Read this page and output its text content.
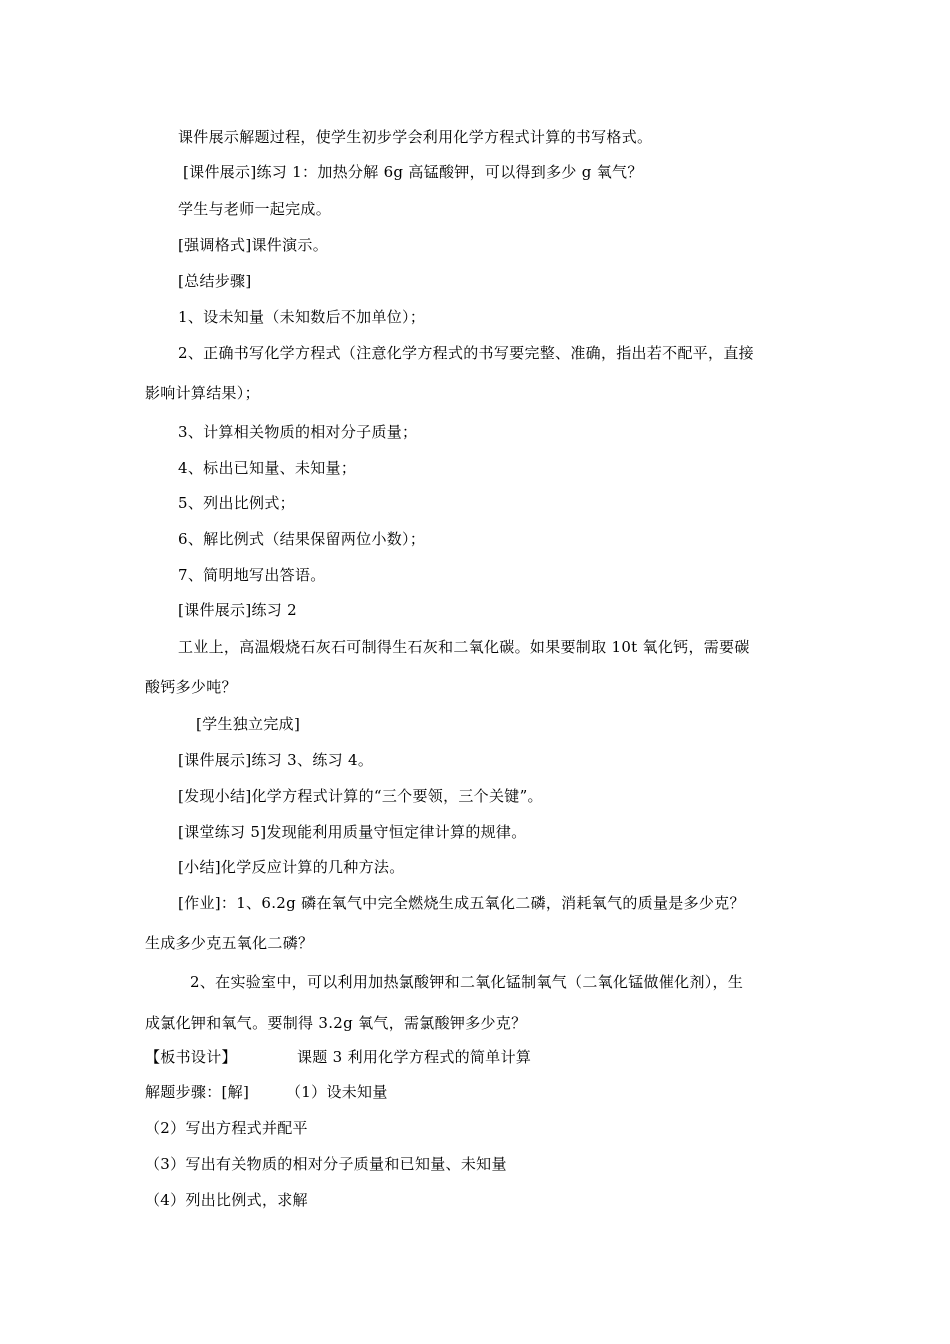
课件展示解题过程，使学生初步学会利用化学方程式计算的书写格式。
[课件展示]练习 1：加热分解 6g 高锰酸钾，可以得到多少 g 氧气？
学生与老师一起完成。
[强调格式]课件演示。
[总结步骤]
1、设未知量（未知数后不加单位）；
2、正确书写化学方程式（注意化学方程式的书写要完整、准确，指出若不配平，直接
影响计算结果）；
3、计算相关物质的相对分子质量；
4、标出已知量、未知量；
5、列出比例式；
6、解比例式（结果保留两位小数）；
7、简明地写出答语。
[课件展示]练习 2
工业上，高温煅烧石灰石可制得生石灰和二氧化碳。如果要制取 10t 氧化钙，需要碳
酸钙多少吨？
[学生独立完成]
[课件展示]练习 3、练习 4。
[发现小结]化学方程式计算的“三个要领，三个关键”。
[课堂练习 5]发现能利用质量守恒定律计算的规律。
[小结]化学反应计算的几种方法。
[作业]：1、6.2g 磷在氧气中完全燃烧生成五氧化二磷，消耗氧气的质量是多少克？
生成多少克五氧化二磷？
2、在实验室中，可以利用加热氯酸钾和二氧化锰制氧气（二氧化锰做催化剂），生
成氯化钾和氧气。要制得 3.2g 氧气，需氯酸钾多少克？
【板书设计】	课题 3 利用化学方程式的简单计算
解题步骤：[解] （1）设未知量
（2）写出方程式并配平
（3）写出有关物质的相对分子质量和已知量、未知量
（4）列出比例式，求解
